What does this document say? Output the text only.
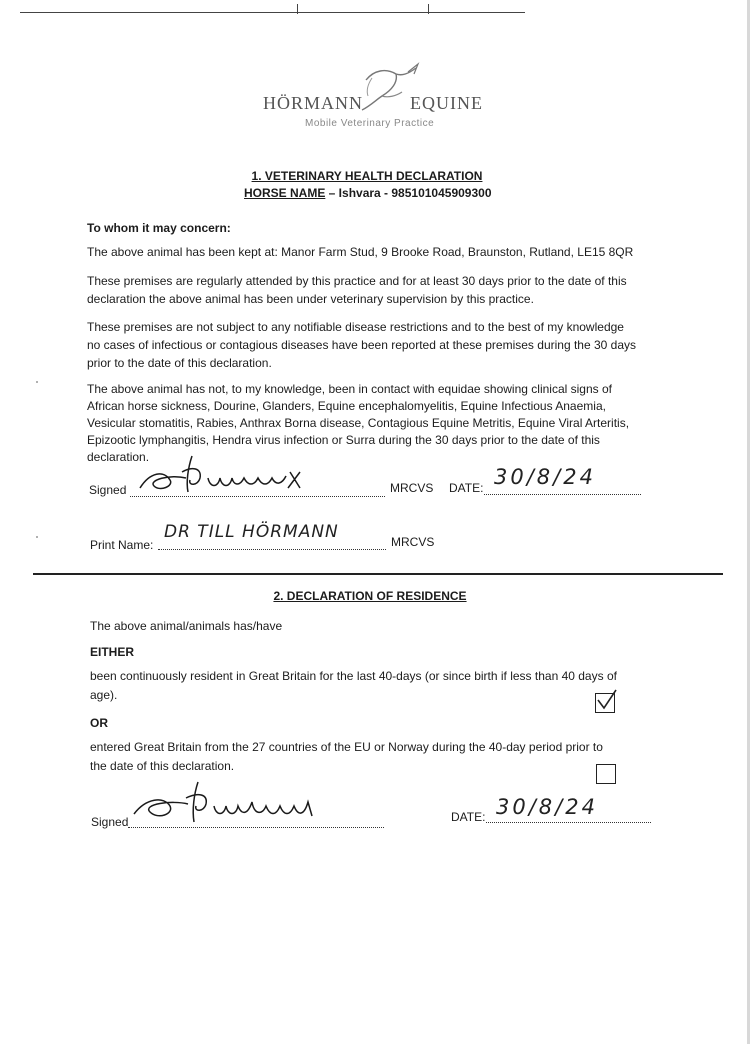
HÖRMANN	EQUINE
Mobile Veterinary Practice
1. VETERINARY HEALTH DECLARATION
HORSE NAME – Ishvara - 985101045909300
To whom it may concern:
The above animal has been kept at: Manor Farm Stud, 9 Brooke Road, Braunston, Rutland, LE15 8QR
These premises are regularly attended by this practice and for at least 30 days prior to the date of this
declaration the above animal has been under veterinary supervision by this practice.
These premises are not subject to any notifiable disease restrictions and to the best of my knowledge
no cases of infectious or contagious diseases have been reported at these premises during the 30 days
prior to the date of this declaration.
The above animal has not, to my knowledge, been in contact with equidae showing clinical signs of
African horse sickness, Dourine, Glanders, Equine encephalomyelitis, Equine Infectious Anaemia,
Vesicular stomatitis, Rabies, Anthrax Borna disease, Contagious Equine Metritis, Equine Viral Arteritis,
Epizootic lymphangitis, Hendra virus infection or Surra during the 30 days prior to the date of this
declaration.
Signed	MRCVS DATE: 30/8/24
Print Name:
DR TILL HÖRMANN	MRCVS
2. DECLARATION OF RESIDENCE
The above animal/animals has/have
EITHER
been continuously resident in Great Britain for the last 40-days (or since birth if less than 40 days of
age).
OR
entered Great Britain from the 27 countries of the EU or Norway during the 40-day period prior to
the date of this declaration.
Signed	DATE: 30/8/24
